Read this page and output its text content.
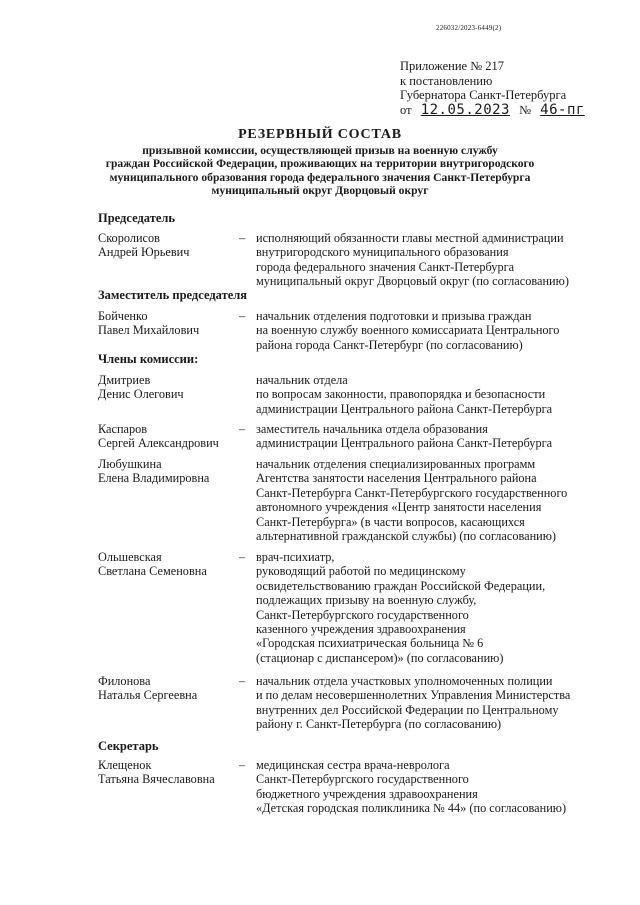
226032/2023-6449(2)
Приложение № 217
к постановлению
Губернатора Санкт-Петербурга
от 12.05.2023 № 46-пг
РЕЗЕРВНЫЙ СОСТАВ
призывной комиссии, осуществляющей призыв на военную службу
граждан Российской Федерации, проживающих на территории внутригородского
муниципального образования города федерального значения Санкт-Петербурга
муниципальный округ Дворцовый округ
Председатель
Заместитель председателя
Члены комиссии:
Секретарь
Скоролисов
Андрей Юрьевич
– исполняющий обязанности главы местной администрации
внутригородского муниципального образования
города федерального значения Санкт-Петербурга
муниципальный округ Дворцовый округ (по согласованию)
Бойченко
Павел Михайлович
– начальник отделения подготовки и призыва граждан
на военную службу военного комиссариата Центрального
района города Санкт-Петербург (по согласованию)
Дмитриев
Денис Олегович
начальник отдела
по вопросам законности, правопорядка и безопасности
администрации Центрального района Санкт-Петербурга
Каспаров
Сергей Александрович
– заместитель начальника отдела образования
администрации Центрального района Санкт-Петербурга
Любушкина
Елена Владимировна
начальник отделения специализированных программ
Агентства занятости населения Центрального района
Санкт-Петербурга Санкт-Петербургского государственного
автономного учреждения «Центр занятости населения
Санкт-Петербурга» (в части вопросов, касающихся
альтернативной гражданской службы) (по согласованию)
Ольшевская
Светлана Семеновна
– врач-психиатр,
руководящий работой по медицинскому
освидетельствованию граждан Российской Федерации,
подлежащих призыву на военную службу,
Санкт-Петербургского государственного
казенного учреждения здравоохранения
«Городская психиатрическая больница № 6
(стационар с диспансером)» (по согласованию)
Филонова
Наталья Сергеевна
– начальник отдела участковых уполномоченных полиции
и по делам несовершеннолетних Управления Министерства
внутренних дел Российской Федерации по Центральному
району г. Санкт-Петербурга (по согласованию)
Клещенок
Татьяна Вячеславовна
– медицинская сестра врача-невролога
Санкт-Петербургского государственного
бюджетного учреждения здравоохранения
«Детская городская поликлиника № 44» (по согласованию)
